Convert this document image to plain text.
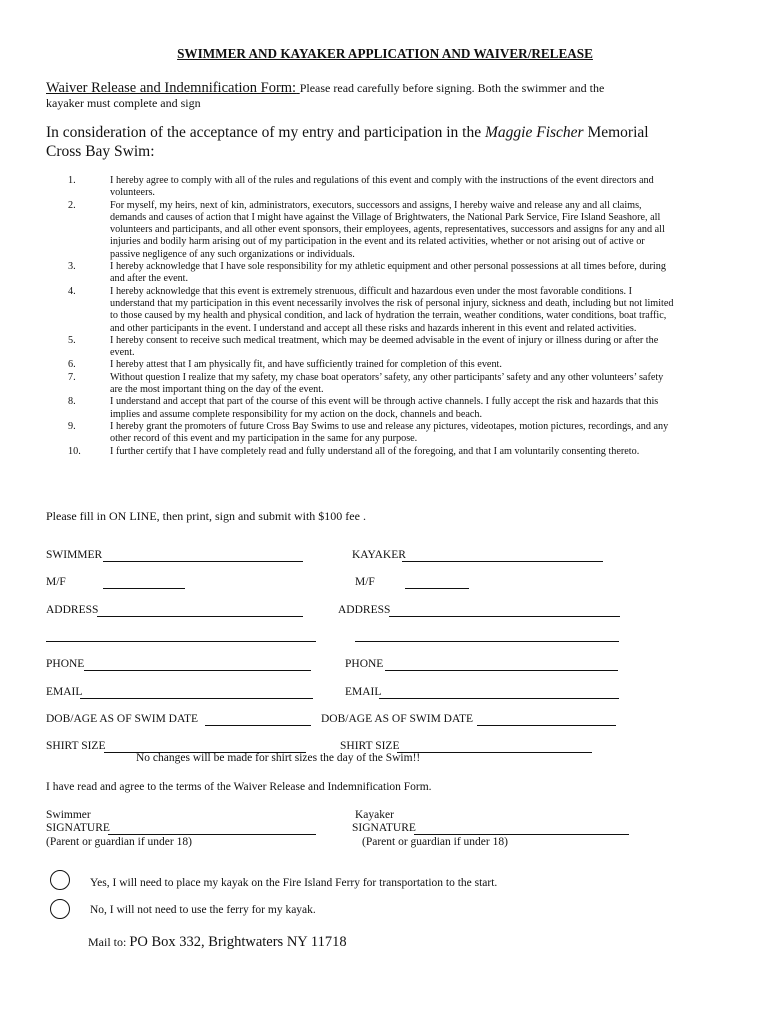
SWIMMER AND KAYAKER APPLICATION AND WAIVER/RELEASE
Waiver Release and Indemnification Form: Please read carefully before signing. Both the swimmer and the
kayaker must complete and sign
In consideration of the acceptance of my entry and participation in the Maggie Fischer Memorial
Cross Bay Swim:
1.	I hereby agree to comply with all of the rules and regulations of this event and comply with the instructions of the event directors and volunteers.
2.	For myself, my heirs, next of kin, administrators, executors, successors and assigns, I hereby waive and release any and all claims, demands and causes of action that I might have against the Village of Brightwaters, the National Park Service, Fire Island Seashore, all volunteers and participants, and all other event sponsors, their employees, agents, representatives, successors and assigns for any and all injuries and bodily harm arising out of my participation in the event and its related activities, whether or not arising out of active or passive negligence of any such organizations or individuals.
3.	I hereby acknowledge that I have sole responsibility for my athletic equipment and other personal possessions at all times before, during and after the event.
4.	I hereby acknowledge that this event is extremely strenuous, difficult and hazardous even under the most favorable conditions. I understand that my participation in this event necessarily involves the risk of personal injury, sickness and death, including but not limited to those caused by my health and physical condition, and lack of hydration the terrain, weather conditions, water conditions, boat traffic, and other participants in the event. I understand and accept all these risks and hazards inherent in this event and related activities.
5.	I hereby consent to receive such medical treatment, which may be deemed advisable in the event of injury or illness during or after the event.
6.	I hereby attest that I am physically fit, and have sufficiently trained for completion of this event.
7.	Without question I realize that my safety, my chase boat operators’ safety, any other participants’ safety and any other volunteers’ safety are the most important thing on the day of the event.
8.	I understand and accept that part of the course of this event will be through active channels. I fully accept the risk and hazards that this implies and assume complete responsibility for my action on the dock, channels and beach.
9.	I hereby grant the promoters of future Cross Bay Swims to use and release any pictures, videotapes, motion pictures, recordings, and any other record of this event and my participation in the same for any purpose.
10.	I further certify that I have completely read and fully understand all of the foregoing, and that I am voluntarily consenting thereto.
Please fill in ON LINE, then print, sign and submit with $100 fee .
SWIMMER	KAYAKER
M/F	M/F
ADDRESS	ADDRESS
PHONE	PHONE
EMAIL	EMAIL
DOB/AGE AS OF SWIM DATE	DOB/AGE AS OF SWIM DATE
SHIRT SIZE	SHIRT SIZE
No changes will be made for shirt sizes the day of the Swim!!
I have read and agree to the terms of the Waiver Release and Indemnification Form.
Swimmer
SIGNATURE
(Parent or guardian if under 18)
Kayaker
SIGNATURE
(Parent or guardian if under 18)
Yes, I will need to place my kayak on the Fire Island Ferry for transportation to the start.
No, I will not need to use the ferry for my kayak.
Mail to: PO Box 332, Brightwaters NY 11718
